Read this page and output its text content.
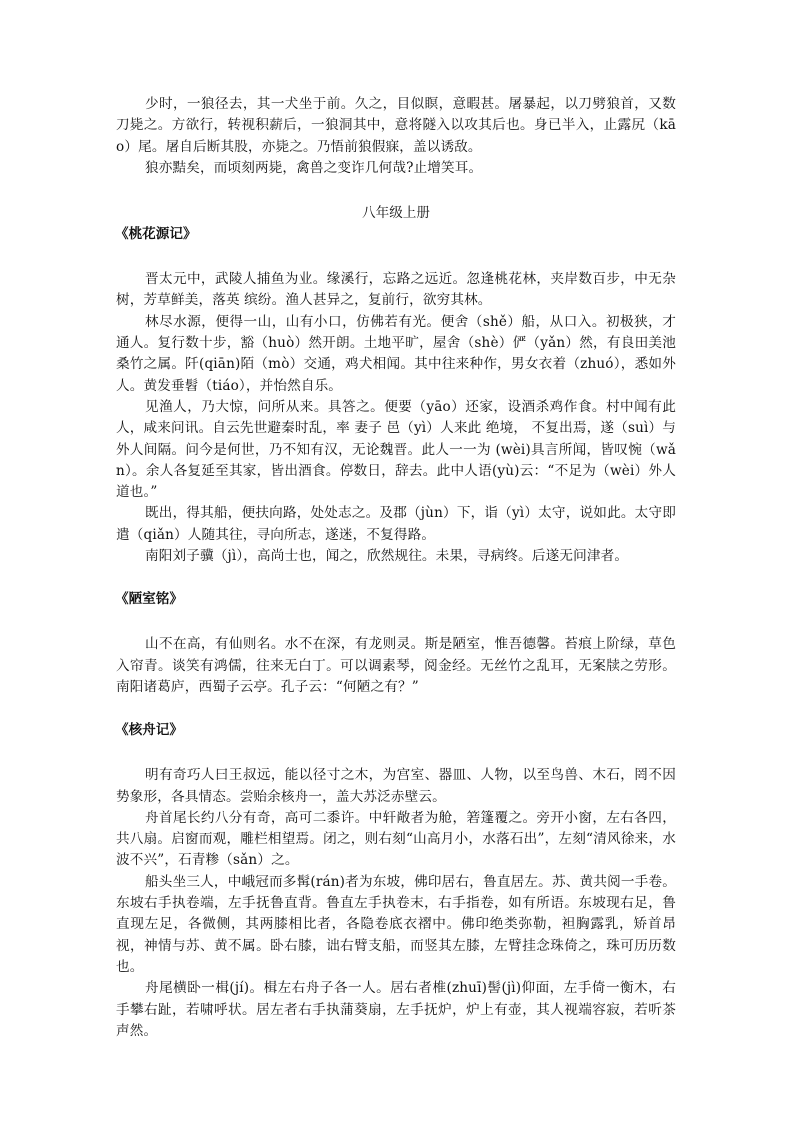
少时，一狼径去，其一犬坐于前。久之，目似瞑，意暇甚。屠暴起，以刀劈狼首，又数刀毙之。方欲行，转视积薪后，一狼洞其中，意将隧入以攻其后也。身已半入，止露尻（kāo）尾。屠自后断其股，亦毙之。乃悟前狼假寐，盖以诱敌。

狼亦黠矣，而顷刻两毙，禽兽之变诈几何哉?止增笑耳。

八年级上册
《桃花源记》

晋太元中，武陵人捕鱼为业。缘溪行，忘路之远近。忽逢桃花林，夹岸数百步，中无杂树，芳草鲜美，落英 缤纷。渔人甚异之，复前行，欲穷其林。

林尽水源，便得一山，山有小口，仿佛若有光。便舍（shě）船，从口入。初极狭，才通人。复行数十步，豁（huò）然开朗。土地平旷，屋舍（shè）俨（yǎn）然，有良田美池桑竹之属。阡(qiān)陌（mò）交通，鸡犬相闻。其中往来种作，男女衣着（zhuó），悉如外人。黄发垂髫（tiáo），并怡然自乐。

见渔人，乃大惊，问所从来。具答之。便要（yāo）还家，设酒杀鸡作食。村中闻有此人，咸来问讯。自云先世避秦时乱，率 妻子 邑（yì）人来此 绝境， 不复出焉，遂（suì）与外人间隔。问今是何世，乃不知有汉，无论魏晋。此人一一为 (wèi)具言所闻，皆叹惋（wǎn）。余人各复延至其家，皆出酒食。停数日，辞去。此中人语(yù)云：“不足为（wèi）外人道也。”

既出，得其船，便扶向路，处处志之。及郡（jùn）下，诣（yì）太守，说如此。太守即遣（qiǎn）人随其往，寻向所志，遂迷，不复得路。

南阳刘子骥（jì），高尚士也，闻之，欣然规往。未果，寻病终。后遂无问津者。

《陋室铭》

山不在高，有仙则名。水不在深，有龙则灵。斯是陋室，惟吾德馨。苔痕上阶绿，草色入帘青。谈笑有鸿儒，往来无白丁。可以调素琴，阅金经。无丝竹之乱耳，无案牍之劳形。南阳诸葛庐，西蜀子云亭。孔子云：“何陋之有？”

《核舟记》

明有奇巧人曰王叔远，能以径寸之木，为宫室、器皿、人物，以至鸟兽、木石，罔不因势象形，各具情态。尝贻余核舟一，盖大苏泛赤壁云。

舟首尾长约八分有奇，高可二黍许。中轩敞者为舱，箬篷覆之。旁开小窗，左右各四，共八扇。启窗而观，雕栏相望焉。闭之，则右刻“山高月小，水落石出”，左刻“清风徐来，水波不兴”，石青糁（sǎn）之。

船头坐三人，中峨冠而多髯(rán)者为东坡，佛印居右，鲁直居左。苏、黄共阅一手卷。东坡右手执卷端，左手抚鲁直背。鲁直左手执卷末，右手指卷，如有所语。东坡现右足，鲁直现左足，各微侧，其两膝相比者，各隐卷底衣褶中。佛印绝类弥勒，袒胸露乳，矫首昂视，神情与苏、黄不属。卧右膝，诎右臂支船，而竖其左膝，左臂挂念珠倚之，珠可历历数也。

舟尾横卧一楫(jí)。楫左右舟子各一人。居右者椎(zhuī)髻(jì)仰面，左手倚一衡木，右手攀右趾，若啸呼状。居左者右手执蒲葵扇，左手抚炉，炉上有壶，其人视端容寂，若听茶声然。
